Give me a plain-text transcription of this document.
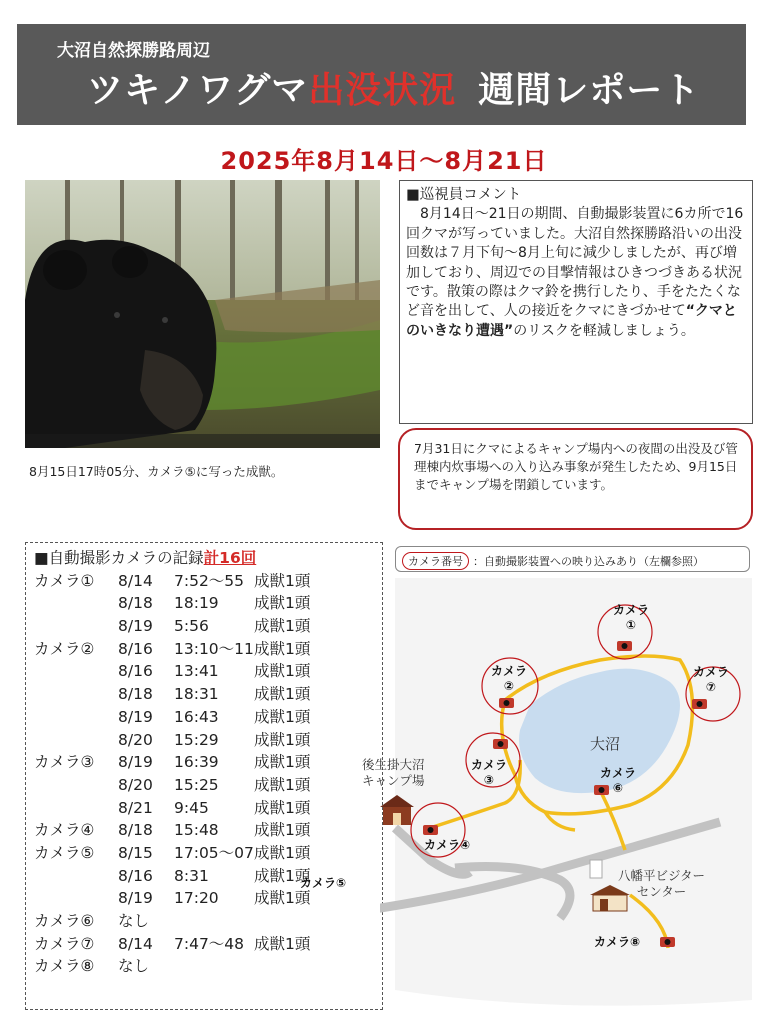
大沼自然探勝路周辺
ツキノワグマ出没状況 週間レポート
2025年8月14日～8月21日
8月15日17時05分、カメラ⑤に写った成獣。
■巡視員コメント

8月14日～21日の期間、自動撮影装置に6カ所で16回クマが写っていました。大沼自然探勝路沿いの出没回数は７月下旬～8月上旬に減少しましたが、再び増加しており、周辺での目撃情報はひきつづきある状況です。散策の際はクマ鈴を携行したり、手をたたくなど音を出して、人の接近をクマにきづかせて“クマとのいきなり遭遇”のリスクを軽減しましょう。

7月31日にクマによるキャンプ場内への夜間の出没及び管理棟内炊事場への入り込み事象が発生したため、9月15日までキャンプ場を閉鎖しています。
■自動撮影カメラの記録計16回
カメラ① 8/14 7:52～55 成獣1頭
8/18 18:19 成獣1頭
8/19 5:56	成獣1頭
カメラ② 8/16 13:10～11 成獣1頭
8/16 13:41 成獣1頭
8/18 18:31 成獣1頭
8/19 16:43 成獣1頭
8/20 15:29 成獣1頭
カメラ③ 8/19 16:39 成獣1頭
8/20 15:25 成獣1頭
8/21 9:45	成獣1頭
カメラ④ 8/18 15:48 成獣1頭
カメラ⑤ 8/15 17:05～07 成獣1頭
8/16 8:31	成獣1頭
8/19 17:20 成獣1頭
カメラ⑥ なし
カメラ⑦ 8/14 7:47～48 成獣1頭
カメラ⑧ なし
カメラ番号 ：自動撮影装置への映り込みあり（左欄参照）
大沼
後生掛大沼
キャンプ場
八幡平ビジター
センター
カメラ
①
カメラ
②
カメラ
③
カメラ④
カメラ⑤
カメラ
⑥
カメラ
⑦
カメラ⑧
